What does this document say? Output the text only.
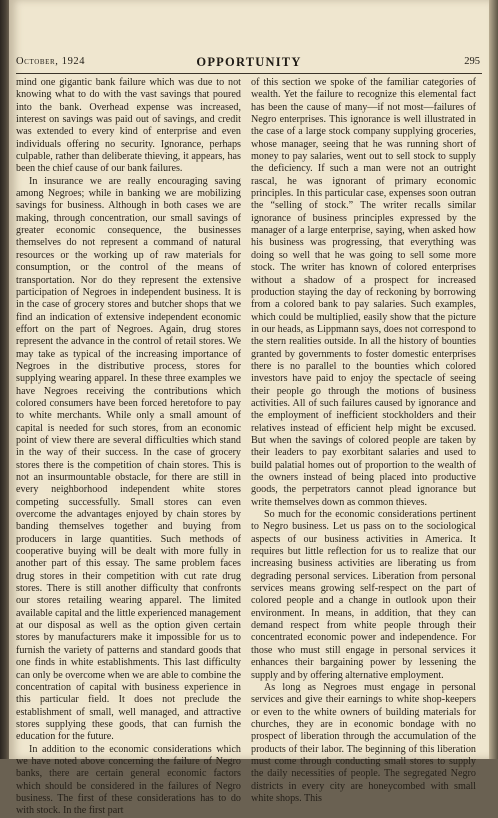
October, 1924	OPPORTUNITY	295

mind one gigantic bank failure which was due to not knowing what to do with the vast savings that poured into the bank. Overhead expense was increased, interest on savings was paid out of savings, and credit was extended to every kind of enterprise and even individuals offering no security. Ignorance, perhaps culpable, rather than deliberate thieving, it appears, has been the chief cause of our bank failures.

In insurance we are really encouraging saving among Negroes; while in banking we are mobilizing savings for business. Although in both cases we are making, through concentration, our small savings of greater economic consequence, the businesses themselves do not represent a command of natural resources or the working up of raw materials for consumption, or the control of the means of transportation. Nor do they represent the extensive participation of Negroes in independent business. It is in the case of grocery stores and butcher shops that we find an indication of extensive independent economic effort on the part of Negroes. Again, drug stores represent the advance in the control of retail stores. We may take as typical of the increasing importance of Negroes in the distributive process, stores for supplying wearing apparel. In these three examples we have Negroes receiving the contributions which colored consumers have been forced heretofore to pay to white merchants. While only a small amount of capital is needed for such stores, from an economic point of view there are several difficulties which stand in the way of their success. In the case of grocery stores there is the competition of chain stores. This is not an insurmountable obstacle, for there are still in every neighborhood independent white stores competing successfully. Small stores can even overcome the advantages enjoyed by chain stores by banding themselves together and buying from producers in large quantities. Such methods of cooperative buying will be dealt with more fully in another part of this essay. The same problem faces drug stores in their competition with cut rate drug stores. There is still another difficulty that confronts our stores retailing wearing apparel. The limited available capital and the little experienced management at our disposal as well as the option given certain stores by manufacturers make it impossible for us to furnish the variety of patterns and standard goods that one finds in white establishments. This last difficulty can only be overcome when we are able to combine the concentration of capital with business experience in this particular field. It does not preclude the establishment of small, well managed, and attractive stores supplying these goods, that can furnish the education for the future.

In addition to the economic considerations which we have noted above concerning the failure of Negro banks, there are certain general economic factors which should be considered in the failures of Negro business. The first of these considerations has to do with stock. In the first part

of this section we spoke of the familiar categories of wealth. Yet the failure to recognize this elemental fact has been the cause of many—if not most—failures of Negro enterprises. This ignorance is well illustrated in the case of a large stock company supplying groceries, whose manager, seeing that he was running short of money to pay salaries, went out to sell stock to supply the deficiency. If such a man were not an outright rascal, he was ignorant of primary economic principles. In this particular case, expenses soon outran the “selling of stock.” The writer recalls similar ignorance of business principles expressed by the manager of a large enterprise, saying, when asked how his business was progressing, that everything was doing so well that he was going to sell some more stock. The writer has known of colored enterprises without a shadow of a prospect for increased production staying the day of reckoning by borrowing from a colored bank to pay salaries. Such examples, which could be multiplied, easily show that the picture in our heads, as Lippmann says, does not correspond to the stern realities outside. In all the history of bounties granted by governments to foster domestic enterprises there is no parallel to the bounties which colored investors have paid to enjoy the spectacle of seeing their people go through the motions of business activities. All of such failures caused by ignorance and the employment of inefficient stockholders and their relatives instead of efficient help might be excused. But when the savings of colored people are taken by their leaders to pay exorbitant salaries and used to build palatial homes out of proportion to the wealth of the owners instead of being placed into productive goods, the perpetrators cannot plead ignorance but write themselves down as common thieves.

So much for the economic considerations pertinent to Negro business. Let us pass on to the sociological aspects of our business activities in America. It requires but little reflection for us to realize that our increasing business activities are liberating us from degrading personal services. Liberation from personal services means growing self-respect on the part of colored people and a change in outlook upon their environment. In means, in addition, that they can demand respect from white people through their concentrated economic power and independence. For those who must still engage in personal services it enhances their bargaining power by lessening the supply and by offering alternative employment.

As long as Negroes must engage in personal services and give their earnings to white shop-keepers or even to the white owners of building materials for churches, they are in economic bondage with no prospect of liberation through the accumulation of the products of their labor. The beginning of this liberation must come through conducting small stores to supply the daily necessities of people. The segregated Negro districts in every city are honeycombed with small white shops. This
